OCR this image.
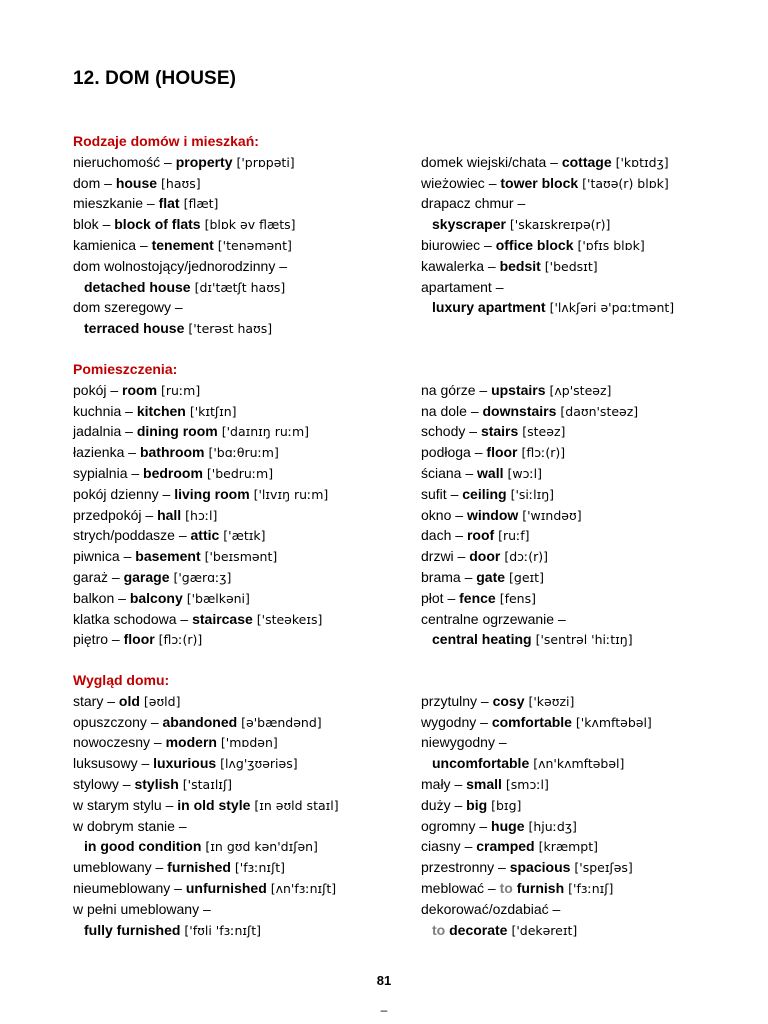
12. DOM (HOUSE)
Rodzaje domów i mieszkań:
nieruchomość – property ['prɒpəti]
dom – house [haʊs]
mieszkanie – flat [flæt]
blok – block of flats [blɒk əv flæts]
kamienica – tenement ['tenəmənt]
dom wolnostojący/jednorodzinny –
detached house [dɪ'tætʃt haʊs]
dom szeregowy –
terraced house ['terəst haʊs]
domek wiejski/chata – cottage ['kɒtɪdʒ]
wieżowiec – tower block ['taʊə(r) blɒk]
drapacz chmur –
skyscraper ['skaɪskreɪpə(r)]
biurowiec – office block ['ɒfɪs blɒk]
kawalerka – bedsit ['bedsɪt]
apartament –
luxury apartment ['lʌkʃəri ə'pɑːtmənt]
Pomieszczenia:
pokój – room [ruːm]
kuchnia – kitchen ['kɪtʃɪn]
jadalnia – dining room ['daɪnɪŋ ruːm]
łazienka – bathroom ['bɑːθruːm]
sypialnia – bedroom ['bedruːm]
pokój dzienny – living room ['lɪvɪŋ ruːm]
przedpokój – hall [hɔːl]
strych/poddasze – attic ['ætɪk]
piwnica – basement ['beɪsmənt]
garaż – garage ['gærɑːʒ]
balkon – balcony ['bælkəni]
klatka schodowa – staircase ['steəkeɪs]
piętro – floor [flɔː(r)]
na górze – upstairs [ʌp'steəz]
na dole – downstairs [daʊn'steəz]
schody – stairs [steəz]
podłoga – floor [flɔː(r)]
ściana – wall [wɔːl]
sufit – ceiling ['siːlɪŋ]
okno – window ['wɪndəʊ]
dach – roof [ruːf]
drzwi – door [dɔː(r)]
brama – gate [geɪt]
płot – fence [fens]
centralne ogrzewanie –
central heating ['sentrəl 'hiːtɪŋ]
Wygląd domu:
stary – old [əʊld]
opuszczony – abandoned [ə'bændənd]
nowoczesny – modern ['mɒdən]
luksusowy – luxurious [lʌg'ʒʊəriəs]
stylowy – stylish ['staɪlɪʃ]
w starym stylu – in old style [ɪn əʊld staɪl]
w dobrym stanie –
in good condition [ɪn gʊd kən'dɪʃən]
umeblowany – furnished ['fɜːnɪʃt]
nieumeblowany – unfurnished [ʌn'fɜːnɪʃt]
w pełni umeblowany –
fully furnished ['fʊli 'fɜːnɪʃt]
przytulny – cosy ['kəʊzi]
wygodny – comfortable ['kʌmftəbəl]
niewygodny –
uncomfortable [ʌn'kʌmftəbəl]
mały – small [smɔːl]
duży – big [bɪg]
ogromny – huge [hjuːdʒ]
ciasny – cramped [kræmpt]
przestronny – spacious ['speɪʃəs]
meblować – to furnish ['fɜːnɪʃ]
dekorować/ozdabiać –
to decorate ['dekəreɪt]
81
–
